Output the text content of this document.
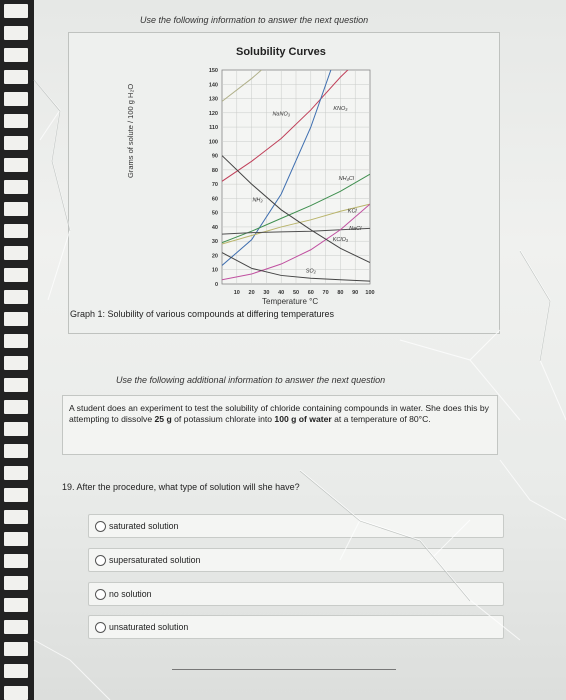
Use the following information to answer the next question
Solubility Curves
0
10
20
30
40
50
60
70
80
90
100
110
120
130
140
150
10 20 30 40 50 60 70 80 90 100
NaNO₃
KNO₃
NH₄Cl
KCl
NaCl
KClO₃
NH₃
SO₂
Grams of solute / 100 g H₂O
Temperature °C
Graph 1: Solubility of various compounds at differing temperatures
Use the following additional information to answer the next question
A student does an experiment to test the solubility of chloride containing compounds in water. She does this by attempting to dissolve 25 g of potassium chlorate into 100 g of water at a temperature of 80°C.
19. After the procedure, what type of solution will she have?
saturated solution
supersaturated solution
no solution
unsaturated solution
